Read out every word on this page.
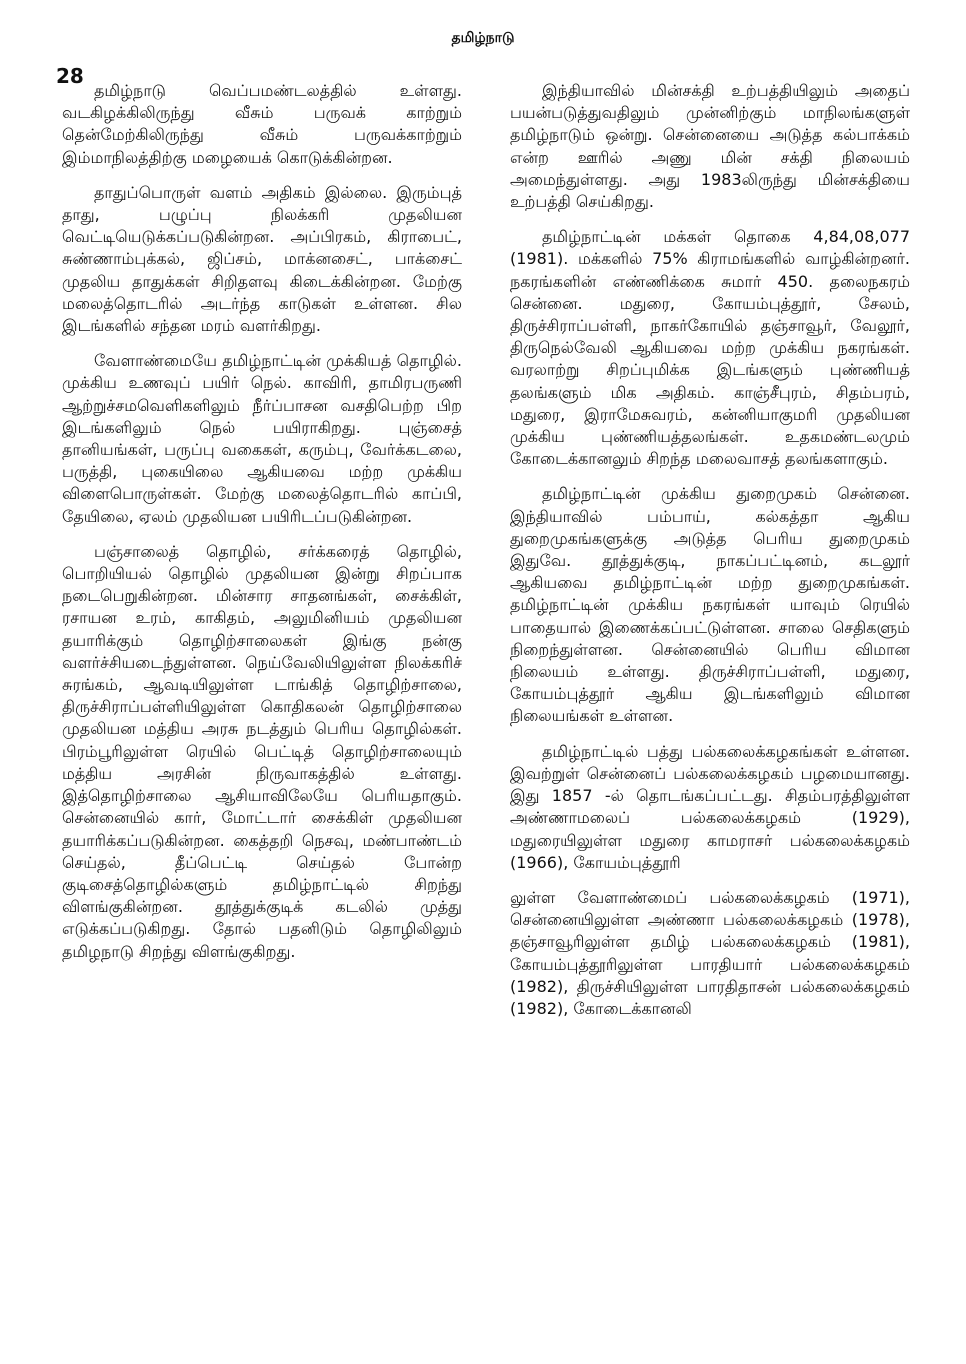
தமிழ்நாடு
28

தமிழ்நாடு வெப்பமண்டலத்தில் உள்ளது. வடகிழக்கிலிருந்து வீசும் பருவக் காற்றும் தென்மேற்கிலிருந்து வீசும் பருவக்காற்றும் இம்மாநிலத்திற்கு மழையைக் கொடுக்கின்றன.

தாதுப்பொருள் வளம் அதிகம் இல்லை. இரும்புத் தாது, பழுப்பு நிலக்கரி முதலியன வெட்டியெடுக்கப்படுகின்றன. அப்பிரகம், கிராபைட், சுண்ணாம்புக்கல், ஜிப்சம், மாக்னசைட், பாக்சைட் முதலிய தாதுக்கள் சிறிதளவு கிடைக்கின்றன. மேற்கு மலைத்தொடரில் அடர்ந்த காடுகள் உள்ளன. சில இடங்களில் சந்தன மரம் வளர்கிறது.

வேளாண்மையே தமிழ்நாட்டின் முக்கியத் தொழில். முக்கிய உணவுப் பயிர் நெல். காவிரி, தாமிரபருணி ஆற்றுச்சமவெளிகளிலும் நீர்ப்பாசன வசதிபெற்ற பிற இடங்களிலும் நெல் பயிராகிறது. புஞ்சைத் தானியங்கள், பருப்பு வகைகள், கரும்பு, வேர்க்கடலை, பருத்தி, புகையிலை ஆகியவை மற்ற முக்கிய விளைபொருள்கள். மேற்கு மலைத்தொடரில் காப்பி, தேயிலை, ஏலம் முதலியன பயிரிடப்படுகின்றன.

பஞ்சாலைத் தொழில், சர்க்கரைத் தொழில், பொறியியல் தொழில் முதலியன இன்று சிறப்பாக நடைபெறுகின்றன. மின்சார சாதனங்கள், சைக்கிள், ரசாயன உரம், காகிதம், அலுமினியம் முதலியன தயாரிக்கும் தொழிற்சாலைகள் இங்கு நன்கு வளர்ச்சியடைந்துள்ளன. நெய்வேலியிலுள்ள நிலக்கரிச் சுரங்கம், ஆவடியிலுள்ள டாங்கித் தொழிற்சாலை, திருச்சிராப்பள்ளியிலுள்ள கொதிகலன் தொழிற்சாலை முதலியன மத்திய அரசு நடத்தும் பெரிய தொழில்கள். பிரம்பூரிலுள்ள ரெயில் பெட்டித் தொழிற்சாலையும் மத்திய அரசின் நிருவாகத்தில் உள்ளது. இத்தொழிற்சாலை ஆசியாவிலேயே பெரியதாகும். சென்னையில் கார், மோட்டார் சைக்கிள் முதலியன தயாரிக்கப்படுகின்றன. கைத்தறி நெசவு, மண்பாண்டம் செய்தல், தீப்பெட்டி செய்தல் போன்ற குடிசைத்தொழில்களும் தமிழ்நாட்டில் சிறந்து விளங்குகின்றன. தூத்துக்குடிக் கடலில் முத்து எடுக்கப்படுகிறது. தோல் பதனிடும் தொழிலிலும் தமிழநாடு சிறந்து விளங்குகிறது.

இந்தியாவில் மின்சக்தி உற்பத்தியிலும் அதைப் பயன்படுத்துவதிலும் முன்னிற்கும் மாநிலங்களுள் தமிழ்நாடும் ஒன்று. சென்னையை அடுத்த கல்பாக்கம் என்ற ஊரில் அணு மின் சக்தி நிலையம் அமைந்துள்ளது. அது 1983லிருந்து மின்சக்தியை உற்பத்தி செய்கிறது.

தமிழ்நாட்டின் மக்கள் தொகை 4,84,08,077 (1981). மக்களில் 75% கிராமங்களில் வாழ்கின்றனர். நகரங்களின் எண்ணிக்கை சுமார் 450. தலைநகரம் சென்னை. மதுரை, கோயம்புத்தூர், சேலம், திருச்சிராப்பள்ளி, நாகர்கோயில் தஞ்சாவூர், வேலூர், திருநெல்வேலி ஆகியவை மற்ற முக்கிய நகரங்கள். வரலாற்று சிறப்புமிக்க இடங்களும் புண்ணியத் தலங்களும் மிக அதிகம். காஞ்சீபுரம், சிதம்பரம், மதுரை, இராமேசுவரம், கன்னியாகுமரி முதலியன முக்கிய புண்ணியத்தலங்கள். உதகமண்டலமும் கோடைக்கானலும் சிறந்த மலைவாசத் தலங்களாகும்.

தமிழ்நாட்டின் முக்கிய துறைமுகம் சென்னை. இந்தியாவில் பம்பாய், கல்கத்தா ஆகிய துறைமுகங்களுக்கு அடுத்த பெரிய துறைமுகம் இதுவே. தூத்துக்குடி, நாகப்பட்டினம், கடலூர் ஆகியவை தமிழ்நாட்டின் மற்ற துறைமுகங்கள். தமிழ்நாட்டின் முக்கிய நகரங்கள் யாவும் ரெயில் பாதையால் இணைக்கப்பட்டுள்ளன. சாலை செதிகளும் நிறைந்துள்ளன. சென்னையில் பெரிய விமான நிலையம் உள்ளது. திருச்சிராப்பள்ளி, மதுரை, கோயம்புத்தூர் ஆகிய இடங்களிலும் விமான நிலையங்கள் உள்ளன.

தமிழ்நாட்டில் பத்து பல்கலைக்கழகங்கள் உள்ளன. இவற்றுள் சென்னைப் பல்கலைக்கழகம் பழமையானது. இது 1857 -ல் தொடங்கப்பட்டது. சிதம்பரத்திலுள்ள அண்ணாமலைப் பல்கலைக்கழகம் (1929), மதுரையிலுள்ள மதுரை காமராசர் பல்கலைக்கழகம் (1966), கோயம்புத்தூரி

லுள்ள வேளாண்மைப் பல்கலைக்கழகம் (1971), சென்னையிலுள்ள அண்ணா பல்கலைக்கழகம் (1978), தஞ்சாவூரிலுள்ள தமிழ் பல்கலைக்கழகம் (1981), கோயம்புத்தூரிலுள்ள பாரதியார் பல்கலைக்கழகம் (1982), திருச்சியிலுள்ள பாரதிதாசன் பல்கலைக்கழகம் (1982), கோடைக்கானலி
